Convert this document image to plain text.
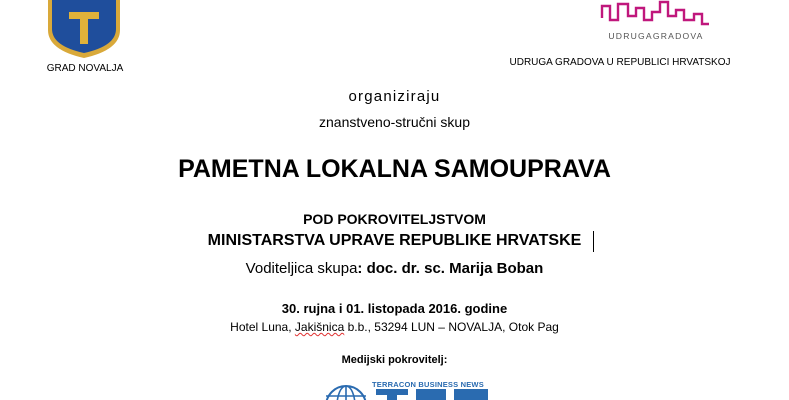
GRAD NOVALJA
UDRUGAGRADOVA
UDRUGA GRADOVA U REPUBLICI HRVATSKOJ
organiziraju
znanstveno-stručni skup
PAMETNA LOKALNA SAMOUPRAVA
POD POKROVITELJSTVOM
MINISTARSTVA UPRAVE REPUBLIKE HRVATSKE
Voditeljica skupa: doc. dr. sc. Marija Boban
30. rujna i 01. listopada 2016. godine
Hotel Luna, Jakišnica b.b., 53294 LUN – NOVALJA, Otok Pag
Medijski pokrovitelj:
TERRACON BUSINESS NEWS
